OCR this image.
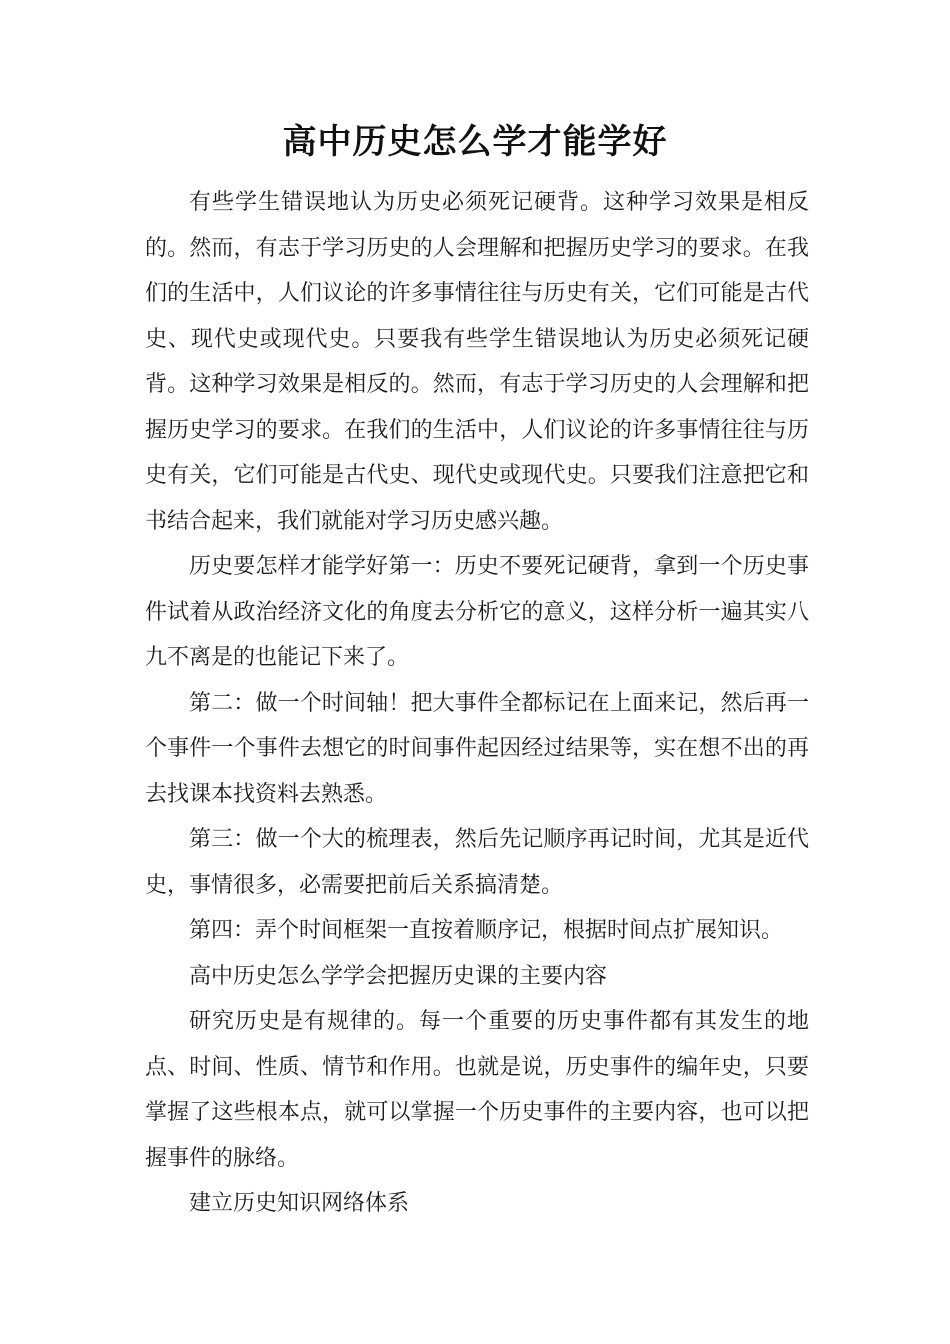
高中历史怎么学才能学好

有些学生错误地认为历史必须死记硬背。这种学习效果是相反的。然而，有志于学习历史的人会理解和把握历史学习的要求。在我们的生活中，人们议论的许多事情往往与历史有关，它们可能是古代史、现代史或现代史。只要我有些学生错误地认为历史必须死记硬背。这种学习效果是相反的。然而，有志于学习历史的人会理解和把握历史学习的要求。在我们的生活中，人们议论的许多事情往往与历史有关，它们可能是古代史、现代史或现代史。只要我们注意把它和书结合起来，我们就能对学习历史感兴趣。

历史要怎样才能学好第一：历史不要死记硬背，拿到一个历史事件试着从政治经济文化的角度去分析它的意义，这样分析一遍其实八九不离是的也能记下来了。

第二：做一个时间轴！把大事件全都标记在上面来记，然后再一个事件一个事件去想它的时间事件起因经过结果等，实在想不出的再去找课本找资料去熟悉。

第三：做一个大的梳理表，然后先记顺序再记时间，尤其是近代史，事情很多，必需要把前后关系搞清楚。

第四：弄个时间框架一直按着顺序记，根据时间点扩展知识。

高中历史怎么学学会把握历史课的主要内容

研究历史是有规律的。每一个重要的历史事件都有其发生的地点、时间、性质、情节和作用。也就是说，历史事件的编年史，只要掌握了这些根本点，就可以掌握一个历史事件的主要内容，也可以把握事件的脉络。

建立历史知识网络体系
